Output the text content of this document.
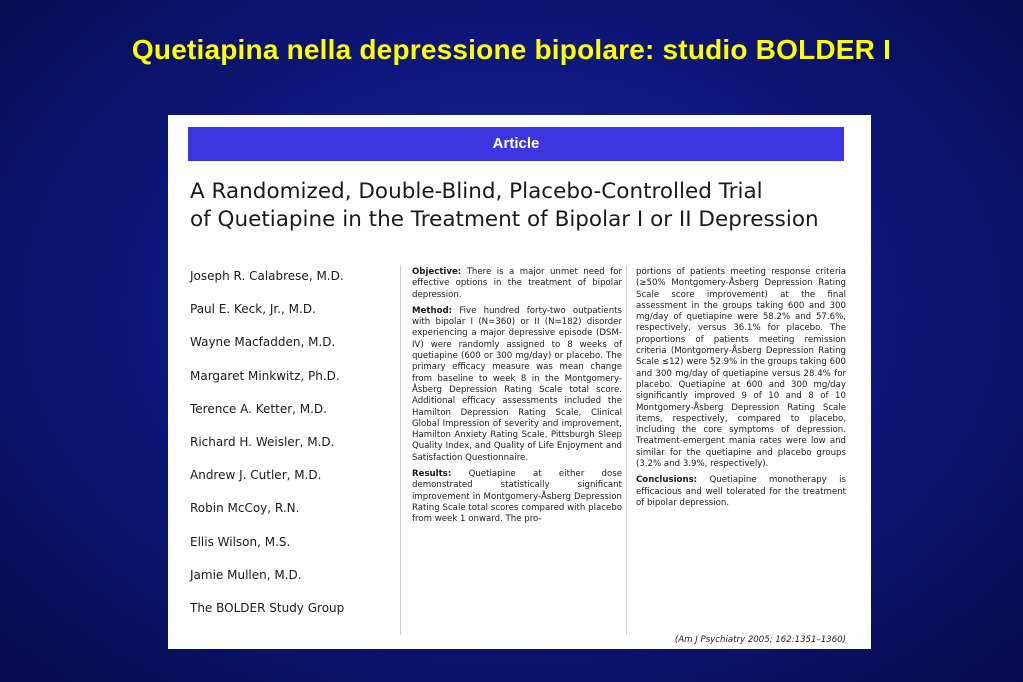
Quetiapina nella depressione bipolare: studio BOLDER I
Article
A Randomized, Double-Blind, Placebo-Controlled Trial
of Quetiapine in the Treatment of Bipolar I or II Depression
Joseph R. Calabrese, M.D.
Paul E. Keck, Jr., M.D.
Wayne Macfadden, M.D.
Margaret Minkwitz, Ph.D.
Terence A. Ketter, M.D.
Richard H. Weisler, M.D.
Andrew J. Cutler, M.D.
Robin McCoy, R.N.
Ellis Wilson, M.S.
Jamie Mullen, M.D.
The BOLDER Study Group

Objective: There is a major unmet need for effective options in the treatment of bipolar depression.

Method: Five hundred forty-two outpatients with bipolar I (N=360) or II (N=182) disorder experiencing a major depressive episode (DSM-IV) were randomly assigned to 8 weeks of quetiapine (600 or 300 mg/day) or placebo. The primary efficacy measure was mean change from baseline to week 8 in the Montgomery-Åsberg Depression Rating Scale total score. Additional efficacy assessments included the Hamilton Depression Rating Scale, Clinical Global Impression of severity and improvement, Hamilton Anxiety Rating Scale, Pittsburgh Sleep Quality Index, and Quality of Life Enjoyment and Satisfaction Questionnaire.

Results: Quetiapine at either dose demonstrated statistically significant improvement in Montgomery-Åsberg Depression Rating Scale total scores compared with placebo from week 1 onward. The pro-

portions of patients meeting response criteria (≥50% Montgomery-Åsberg Depression Rating Scale score improvement) at the final assessment in the groups taking 600 and 300 mg/day of quetiapine were 58.2% and 57.6%, respectively, versus 36.1% for placebo. The proportions of patients meeting remission criteria (Montgomery-Åsberg Depression Rating Scale ≤12) were 52.9% in the groups taking 600 and 300 mg/day of quetiapine versus 28.4% for placebo. Quetiapine at 600 and 300 mg/day significantly improved 9 of 10 and 8 of 10 Montgomery-Åsberg Depression Rating Scale items, respectively, compared to placebo, including the core symptoms of depression. Treatment-emergent mania rates were low and similar for the quetiapine and placebo groups (3.2% and 3.9%, respectively).

Conclusions: Quetiapine monotherapy is efficacious and well tolerated for the treatment of bipolar depression.

(Am J Psychiatry 2005; 162:1351–1360)
